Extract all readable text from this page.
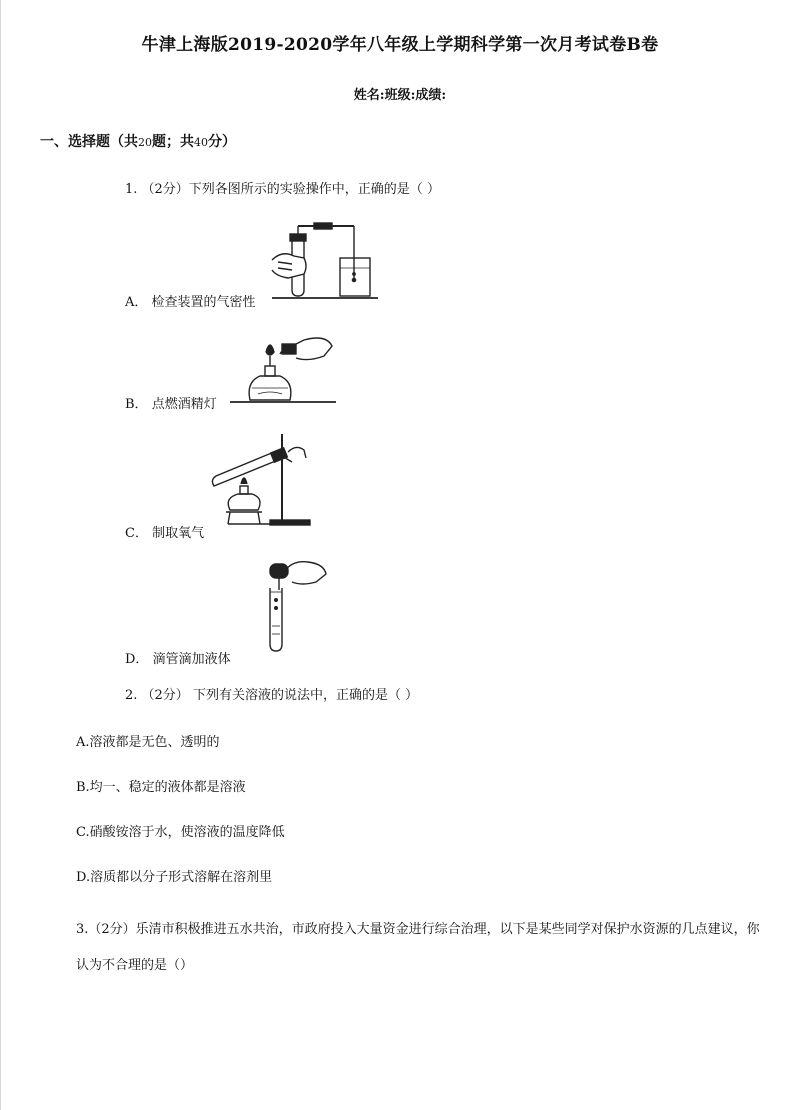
牛津上海版2019-2020学年八年级上学期科学第一次月考试卷B卷
姓名:班级:成绩:
一、选择题（共20题；共40分）
1. （2分）下列各图所示的实验操作中，正确的是（ ）
A． 检查装置的气密性
B． 点燃酒精灯
C． 制取氧气
D． 滴管滴加液体
2. （2分） 下列有关溶液的说法中，正确的是（ ）
A.溶液都是无色、透明的
B.均一、稳定的液体都是溶液
C.硝酸铵溶于水，使溶液的温度降低
D.溶质都以分子形式溶解在溶剂里
3.（2分）乐清市积极推进五水共治，市政府投入大量资金进行综合治理，以下是某些同学对保护水资源的几点建议，你认为不合理的是（）
